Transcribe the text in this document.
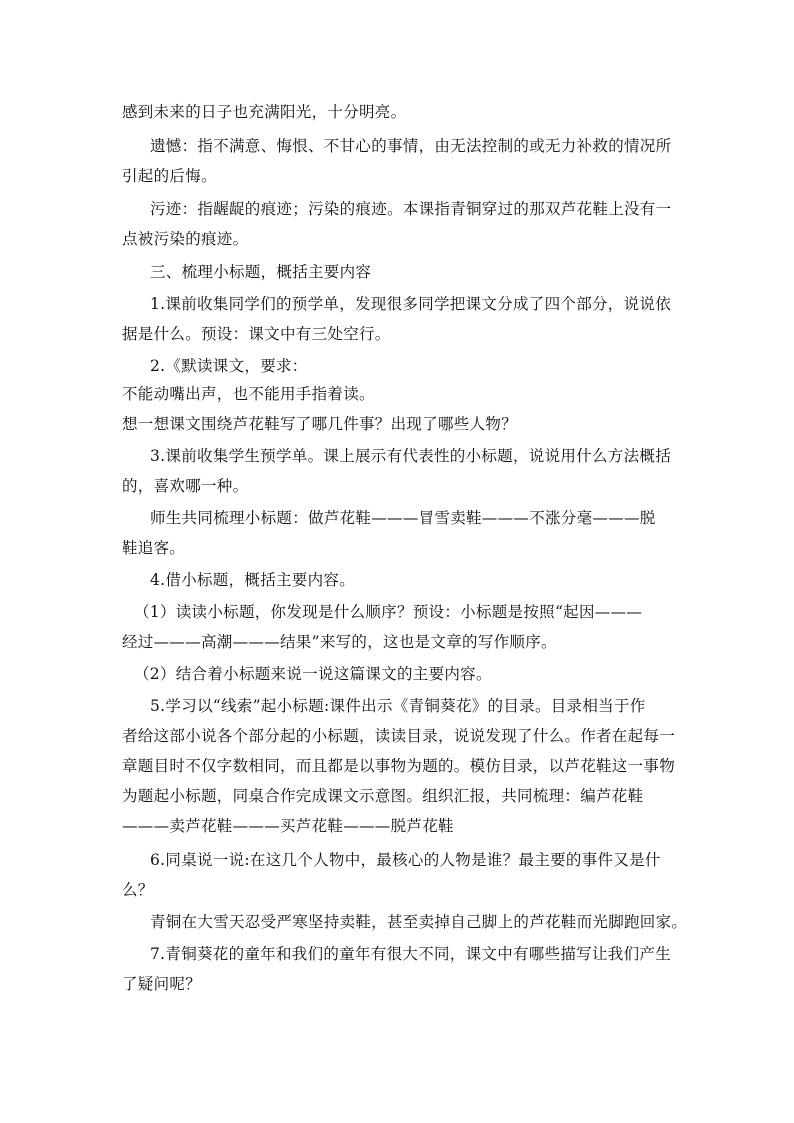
感到未来的日子也充满阳光，十分明亮。
遗憾：指不满意、悔恨、不甘心的事情，由无法控制的或无力补救的情况所
引起的后悔。
污迹：指龌龊的痕迹；污染的痕迹。本课指青铜穿过的那双芦花鞋上没有一
点被污染的痕迹。
三、梳理小标题，概括主要内容
1.课前收集同学们的预学单，发现很多同学把课文分成了四个部分，说说依
据是什么。预设：课文中有三处空行。
2.《默读课文，要求：
不能动嘴出声，也不能用手指着读。
想一想课文围绕芦花鞋写了哪几件事？出现了哪些人物？
3.课前收集学生预学单。课上展示有代表性的小标题，说说用什么方法概括
的，喜欢哪一种。
师生共同梳理小标题：做芦花鞋———冒雪卖鞋———不涨分毫———脱
鞋追客。
4.借小标题，概括主要内容。
（1）读读小标题，你发现是什么顺序？预设：小标题是按照“起因———
经过———高潮———结果”来写的，这也是文章的写作顺序。
（2）结合着小标题来说一说这篇课文的主要内容。
5.学习以“线索”起小标题:课件出示《青铜葵花》的目录。目录相当于作
者给这部小说各个部分起的小标题，读读目录，说说发现了什么。作者在起每一
章题目时不仅字数相同，而且都是以事物为题的。模仿目录，以芦花鞋这一事物
为题起小标题，同桌合作完成课文示意图。组织汇报，共同梳理：编芦花鞋
———卖芦花鞋———买芦花鞋———脱芦花鞋
6.同桌说一说:在这几个人物中，最核心的人物是谁？最主要的事件又是什
么？
青铜在大雪天忍受严寒坚持卖鞋，甚至卖掉自己脚上的芦花鞋而光脚跑回家。
7.青铜葵花的童年和我们的童年有很大不同，课文中有哪些描写让我们产生
了疑问呢？
